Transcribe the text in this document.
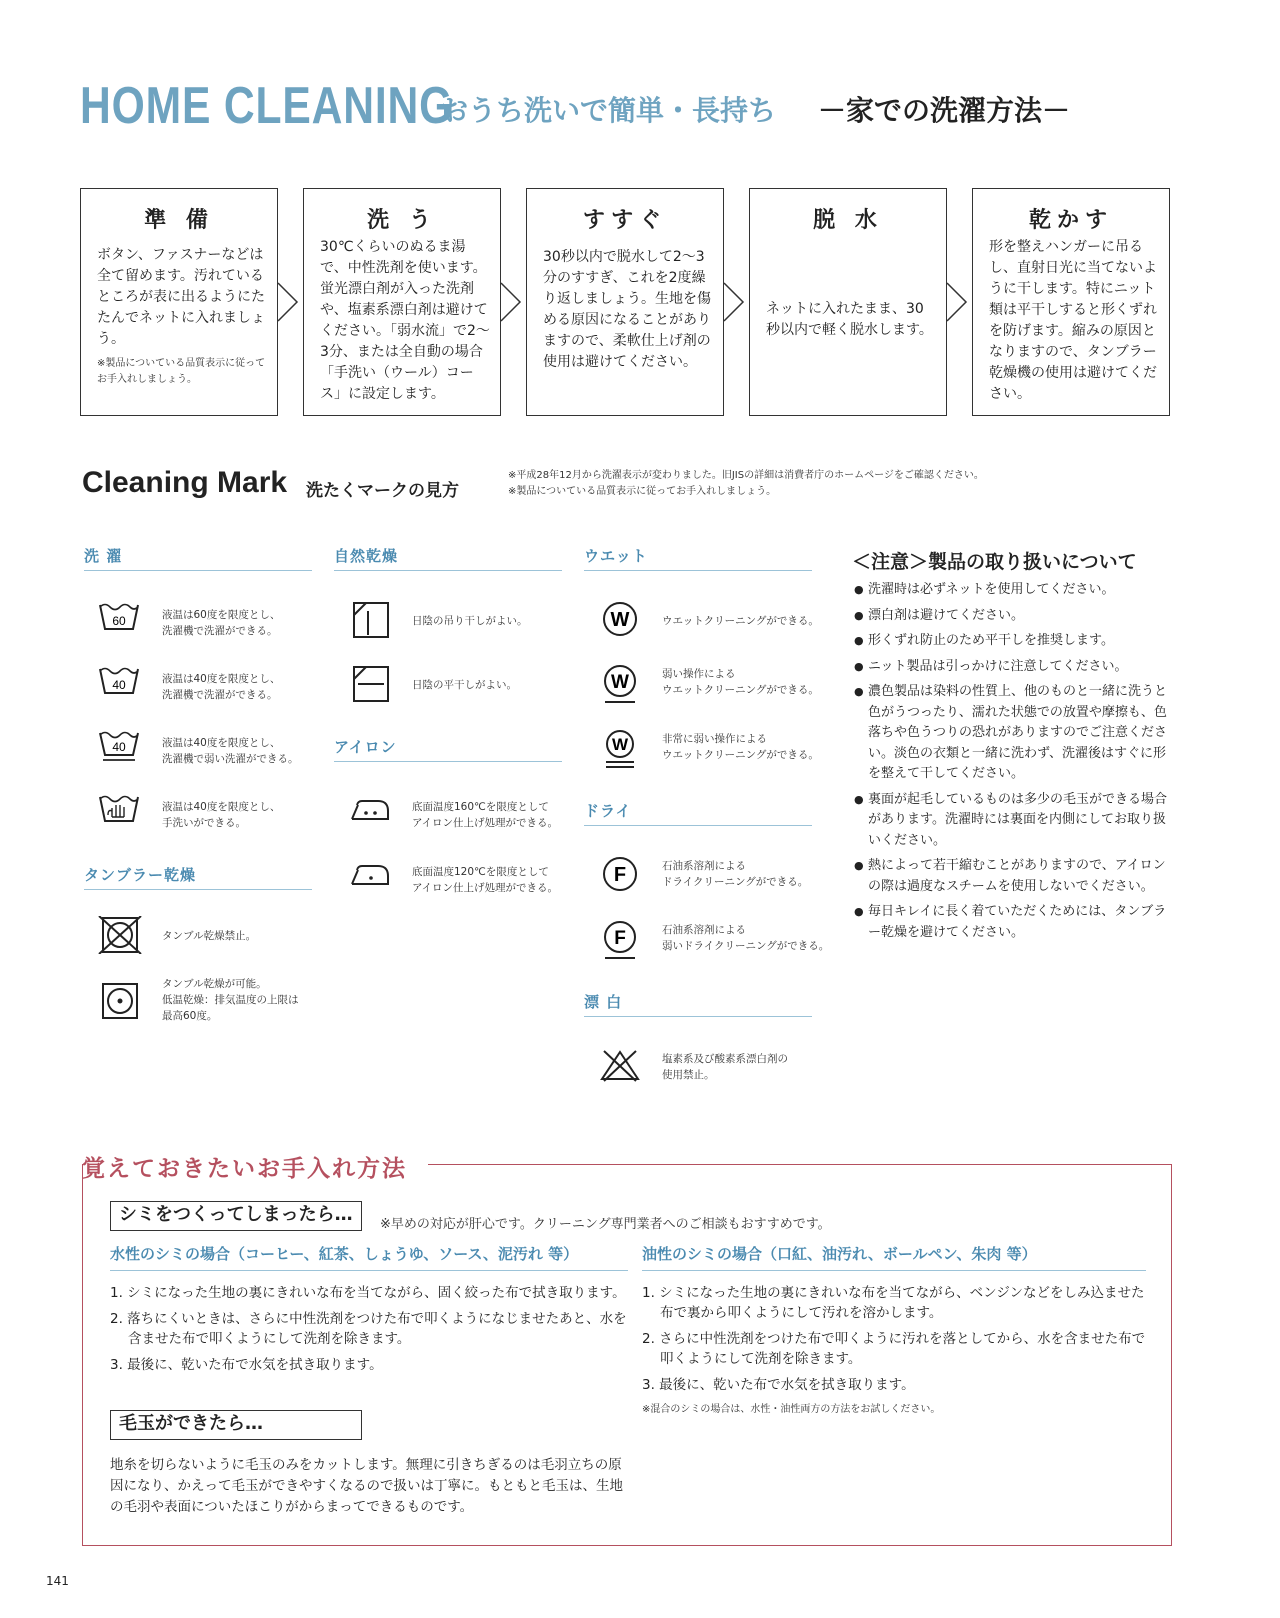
HOME CLEANING
おうち洗いで簡単・長持ち －家での洗濯方法－
準 備
ボタン、ファスナーなどは全て留めます。汚れているところが表に出るようにたたんでネットに入れましょう。
※製品についている品質表示に従ってお手入れしましょう。
洗 う
30℃くらいのぬるま湯で、中性洗剤を使います。蛍光漂白剤が入った洗剤や、塩素系漂白剤は避けてください。「弱水流」で2〜3分、または全自動の場合「手洗い（ウール）コース」に設定します。
すすぐ
30秒以内で脱水して2〜3分のすすぎ、これを2度繰り返しましょう。生地を傷める原因になることがありますので、柔軟仕上げ剤の使用は避けてください。
脱 水
ネットに入れたまま、30秒以内で軽く脱水します。
乾かす
形を整えハンガーに吊るし、直射日光に当てないように干します。特にニット類は平干しすると形くずれを防げます。縮みの原因となりますので、タンブラー乾燥機の使用は避けてください。
Cleaning Mark 洗たくマークの見方
※平成28年12月から洗濯表示が変わりました。旧JISの詳細は消費者庁のホームページをご確認ください。
※製品についている品質表示に従ってお手入れしましょう。
洗 濯
60	液温は60度を限度とし、
洗濯機で洗濯ができる。
40	液温は40度を限度とし、
洗濯機で洗濯ができる。
40	液温は40度を限度とし、
洗濯機で弱い洗濯ができる。
液温は40度を限度とし、
手洗いができる。
タンブラー乾燥
タンブル乾燥禁止。
タンブル乾燥が可能。
低温乾燥：排気温度の上限は
最高60度。
自然乾燥
日陰の吊り干しがよい。
日陰の平干しがよい。
アイロン
底面温度160℃を限度として
アイロン仕上げ処理ができる。
底面温度120℃を限度として
アイロン仕上げ処理ができる。
ウエット
W	ウエットクリーニングができる。
W	弱い操作による
ウエットクリーニングができる。
W	非常に弱い操作による
ウエットクリーニングができる。
ドライ
F	石油系溶剤による
ドライクリーニングができる。
F	石油系溶剤による
弱いドライクリーニングができる。
漂 白
塩素系及び酸素系漂白剤の
使用禁止。
＜注意＞製品の取り扱いについて
● 洗濯時は必ずネットを使用してください。
● 漂白剤は避けてください。
● 形くずれ防止のため平干しを推奨します。
● ニット製品は引っかけに注意してください。
● 濃色製品は染料の性質上、他のものと一緒に洗うと色がうつったり、濡れた状態での放置や摩擦も、色落ちや色うつりの恐れがありますのでご注意ください。淡色の衣類と一緒に洗わず、洗濯後はすぐに形を整えて干してください。
● 裏面が起毛しているものは多少の毛玉ができる場合があります。洗濯時には裏面を内側にしてお取り扱いください。
● 熱によって若干縮むことがありますので、アイロンの際は過度なスチームを使用しないでください。
● 毎日キレイに長く着ていただくためには、タンブラー乾燥を避けてください。
覚えておきたいお手入れ方法
シミをつくってしまったら…	※早めの対応が肝心です。クリーニング専門業者へのご相談もおすすめです。
水性のシミの場合（コーヒー、紅茶、しょうゆ、ソース、泥汚れ 等）
1. シミになった生地の裏にきれいな布を当てながら、固く絞った布で拭き取ります。
2. 落ちにくいときは、さらに中性洗剤をつけた布で叩くようになじませたあと、水を含ませた布で叩くようにして洗剤を除きます。
3. 最後に、乾いた布で水気を拭き取ります。
油性のシミの場合（口紅、油汚れ、ボールペン、朱肉 等）
1. シミになった生地の裏にきれいな布を当てながら、ベンジンなどをしみ込ませた布で裏から叩くようにして汚れを溶かします。
2. さらに中性洗剤をつけた布で叩くように汚れを落としてから、水を含ませた布で叩くようにして洗剤を除きます。
3. 最後に、乾いた布で水気を拭き取ります。
※混合のシミの場合は、水性・油性両方の方法をお試しください。
毛玉ができたら…
地糸を切らないように毛玉のみをカットします。無理に引きちぎるのは毛羽立ちの原因になり、かえって毛玉ができやすくなるので扱いは丁寧に。もともと毛玉は、生地の毛羽や表面についたほこりがからまってできるものです。
141
